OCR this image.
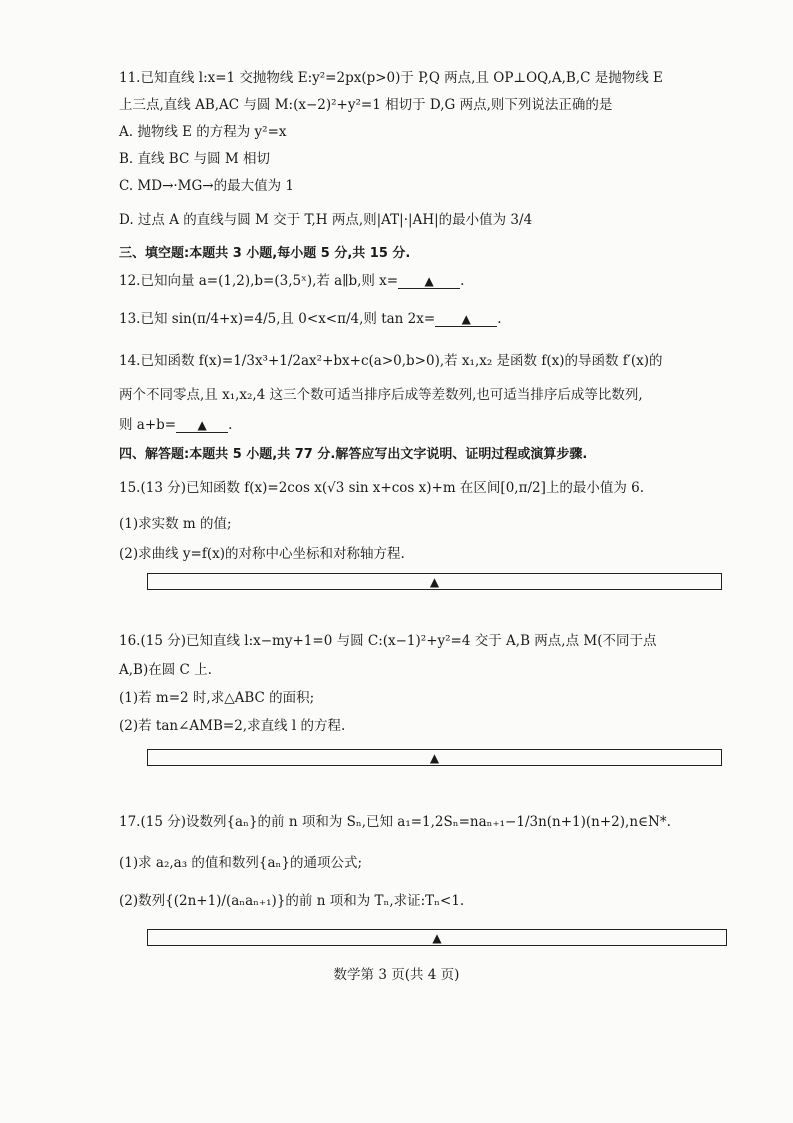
11.已知直线 l:x=1 交抛物线 E:y²=2px(p>0)于 P,Q 两点,且 OP⊥OQ,A,B,C 是抛物线 E
上三点,直线 AB,AC 与圆 M:(x−2)²+y²=1 相切于 D,G 两点,则下列说法正确的是
A. 抛物线 E 的方程为 y²=x
B. 直线 BC 与圆 M 相切
C. MD→·MG→的最大值为 1
D. 过点 A 的直线与圆 M 交于 T,H 两点,则|AT|·|AH|的最小值为 3/4
三、填空题:本题共 3 小题,每小题 5 分,共 15 分.
12.已知向量 a=(1,2),b=(3,5ˣ),若 a∥b,则 x= ▲ .
13.已知 sin(π/4+x)=4/5,且 0<x<π/4,则 tan 2x= ▲ .
14.已知函数 f(x)=1/3x³+1/2ax²+bx+c(a>0,b>0),若 x₁,x₂ 是函数 f(x)的导函数 f′(x)的
两个不同零点,且 x₁,x₂,4 这三个数可适当排序后成等差数列,也可适当排序后成等比数列,
则 a+b= ▲ .
四、解答题:本题共 5 小题,共 77 分.解答应写出文字说明、证明过程或演算步骤.
15.(13 分)已知函数 f(x)=2cos x(√3 sin x+cos x)+m 在区间[0,π/2]上的最小值为 6.
(1)求实数 m 的值;
(2)求曲线 y=f(x)的对称中心坐标和对称轴方程.
▲
16.(15 分)已知直线 l:x−my+1=0 与圆 C:(x−1)²+y²=4 交于 A,B 两点,点 M(不同于点
A,B)在圆 C 上.
(1)若 m=2 时,求△ABC 的面积;
(2)若 tan∠AMB=2,求直线 l 的方程.
▲
17.(15 分)设数列{aₙ}的前 n 项和为 Sₙ,已知 a₁=1,2Sₙ=naₙ₊₁−1/3n(n+1)(n+2),n∈N*.
(1)求 a₂,a₃ 的值和数列{aₙ}的通项公式;
(2)数列{(2n+1)/(aₙaₙ₊₁)}的前 n 项和为 Tₙ,求证:Tₙ<1.
▲
数学第 3 页(共 4 页)
